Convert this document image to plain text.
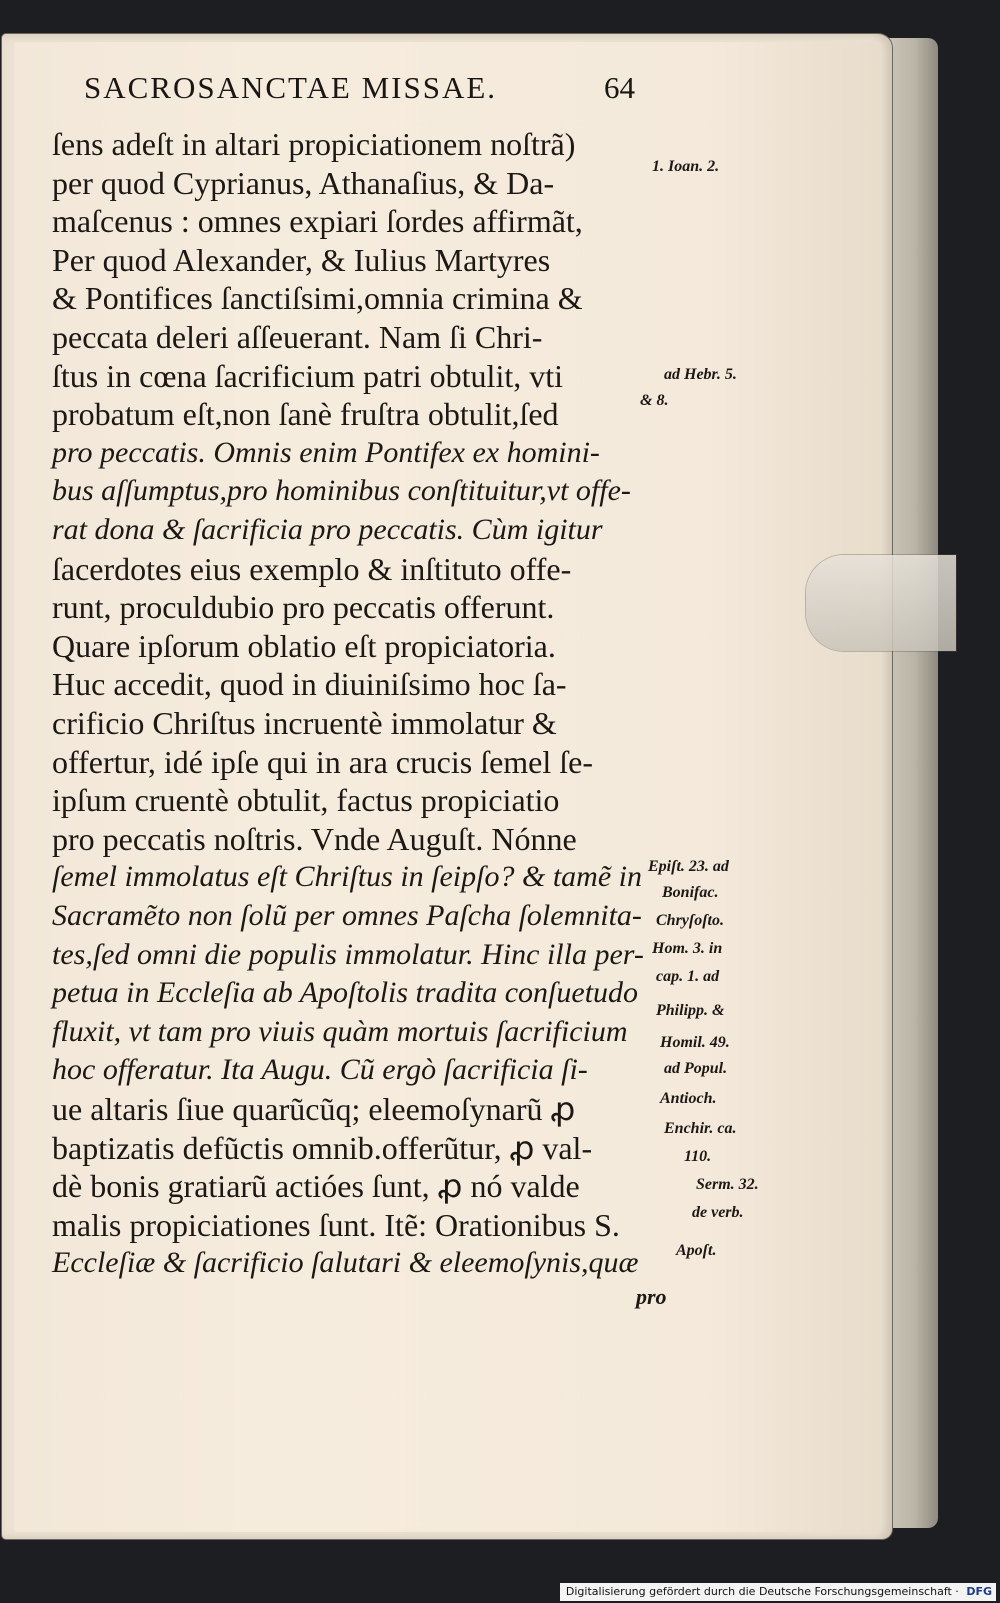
SACROSANCTAE MISSAE.	64
ſens adeſt in altari propiciationem noſtrã)
per quod Cyprianus, Athanaſius, & Da-
maſcenus : omnes expiari ſordes affirmãt,
Per quod Alexander, & Iulius Martyres
& Pontifices ſanctiſsimi,omnia crimina &
peccata deleri aſſeuerant. Nam ſi Chri-
ſtus in cœna ſacrificium patri obtulit, vti
probatum eſt,non ſanè fruſtra obtulit,ſed
pro peccatis. Omnis enim Pontifex ex homini-
bus aſſumptus,pro hominibus conſtituitur,vt offe-
rat dona & ſacrificia pro peccatis. Cùm igitur
ſacerdotes eius exemplo & inſtituto offe-
runt, proculdubio pro peccatis offerunt.
Quare ipſorum oblatio eſt propiciatoria.
Huc accedit, quod in diuiniſsimo hoc ſa-
crificio Chriſtus incruentè immolatur &
offertur, idé ipſe qui in ara crucis ſemel ſe-
ipſum cruentè obtulit, factus propiciatio
pro peccatis noſtris. Vnde Auguſt. Nónne
ſemel immolatus eſt Chriſtus in ſeipſo? & tamẽ in
Sacramẽto non ſolũ per omnes Paſcha ſolemnita-
tes,ſed omni die populis immolatur. Hinc illa per-
petua in Eccleſia ab Apoſtolis tradita conſuetudo
fluxit, vt tam pro viuis quàm mortuis ſacrificium
hoc offeratur. Ita Augu. Cũ ergò ſacrificia ſi-
ue altaris ſiue quarũcũq; eleemoſynarũ ꝓ
baptizatis defũctis omnib.offerũtur, ꝓ val-
dè bonis gratiarũ actióes ſunt, ꝓ nó valde
malis propiciationes ſunt. Itẽ: Orationibus S.
Eccleſiæ & ſacrificio ſalutari & eleemoſynis,quæ
1. Ioan. 2.
ad Hebr. 5.
& 8.
Epiſt. 23. ad
Bonifac.
Chryſoſto.
Hom. 3. in
cap. 1. ad
Philipp. &
Homil. 49.
ad Popul.
Antioch.
Enchir. ca.
110.
Serm. 32.
de verb.
Apoſt.
pro
Digitalisierung gefördert durch die Deutsche Forschungsgemeinschaft · DFG
